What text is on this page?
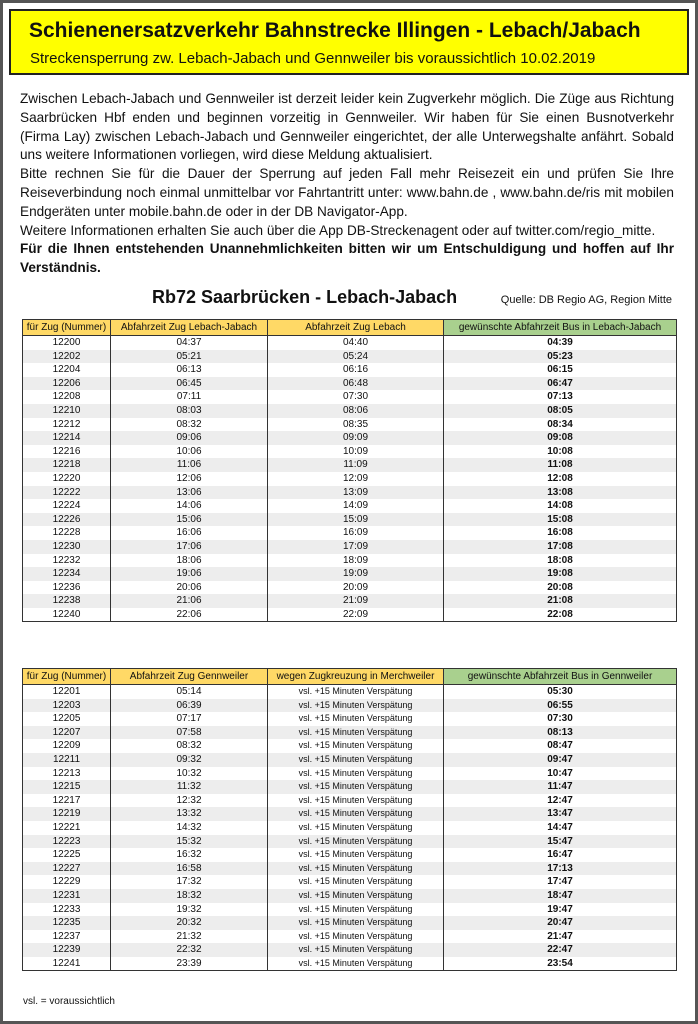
Schienenersatzverkehr Bahnstrecke Illingen - Lebach/Jabach
Streckensperrung zw. Lebach-Jabach und Gennweiler bis voraussichtlich 10.02.2019

Zwischen Lebach-Jabach und Gennweiler ist derzeit leider kein Zugverkehr möglich. Die Züge aus Richtung Saarbrücken Hbf enden und beginnen vorzeitig in Gennweiler. Wir haben für Sie einen Busnotverkehr (Firma Lay) zwischen Lebach-Jabach und Gennweiler eingerichtet, der alle Unterwegshalte anfährt. Sobald uns weitere Informationen vorliegen, wird diese Meldung aktualisiert.

Bitte rechnen Sie für die Dauer der Sperrung auf jeden Fall mehr Reisezeit ein und prüfen Sie Ihre Reiseverbindung noch einmal unmittelbar vor Fahrtantritt unter: www.bahn.de , www.bahn.de/ris mit mobilen Endgeräten unter mobile.bahn.de oder in der DB Navigator-App.

Weitere Informationen erhalten Sie auch über die App DB-Streckenagent oder auf twitter.com/regio_mitte.

Für die Ihnen entstehenden Unannehmlichkeiten bitten wir um Entschuldigung und hoffen auf Ihr Verständnis.

Rb72 Saarbrücken - Lebach-Jabach	Quelle: DB Regio AG, Region Mitte
für Zug (Nummer)	Abfahrzeit Zug Lebach-Jabach	Abfahrzeit Zug Lebach	gewünschte Abfahrzeit Bus in Lebach-Jabach
12200	04:37	04:40	04:39
12202	05:21	05:24	05:23
12204	06:13	06:16	06:15
12206	06:45	06:48	06:47
12208	07:11	07:30	07:13
12210	08:03	08:06	08:05
12212	08:32	08:35	08:34
12214	09:06	09:09	09:08
12216	10:06	10:09	10:08
12218	11:06	11:09	11:08
12220	12:06	12:09	12:08
12222	13:06	13:09	13:08
12224	14:06	14:09	14:08
12226	15:06	15:09	15:08
12228	16:06	16:09	16:08
12230	17:06	17:09	17:08
12232	18:06	18:09	18:08
12234	19:06	19:09	19:08
12236	20:06	20:09	20:08
12238	21:06	21:09	21:08
12240	22:06	22:09	22:08
für Zug (Nummer)	Abfahrzeit Zug Gennweiler	wegen Zugkreuzung in Merchweiler	gewünschte Abfahrzeit Bus in Gennweiler
12201	05:14	vsl. +15 Minuten Verspätung	05:30
12203	06:39	vsl. +15 Minuten Verspätung	06:55
12205	07:17	vsl. +15 Minuten Verspätung	07:30
12207	07:58	vsl. +15 Minuten Verspätung	08:13
12209	08:32	vsl. +15 Minuten Verspätung	08:47
12211	09:32	vsl. +15 Minuten Verspätung	09:47
12213	10:32	vsl. +15 Minuten Verspätung	10:47
12215	11:32	vsl. +15 Minuten Verspätung	11:47
12217	12:32	vsl. +15 Minuten Verspätung	12:47
12219	13:32	vsl. +15 Minuten Verspätung	13:47
12221	14:32	vsl. +15 Minuten Verspätung	14:47
12223	15:32	vsl. +15 Minuten Verspätung	15:47
12225	16:32	vsl. +15 Minuten Verspätung	16:47
12227	16:58	vsl. +15 Minuten Verspätung	17:13
12229	17:32	vsl. +15 Minuten Verspätung	17:47
12231	18:32	vsl. +15 Minuten Verspätung	18:47
12233	19:32	vsl. +15 Minuten Verspätung	19:47
12235	20:32	vsl. +15 Minuten Verspätung	20:47
12237	21:32	vsl. +15 Minuten Verspätung	21:47
12239	22:32	vsl. +15 Minuten Verspätung	22:47
12241	23:39	vsl. +15 Minuten Verspätung	23:54
vsl. = voraussichtlich
